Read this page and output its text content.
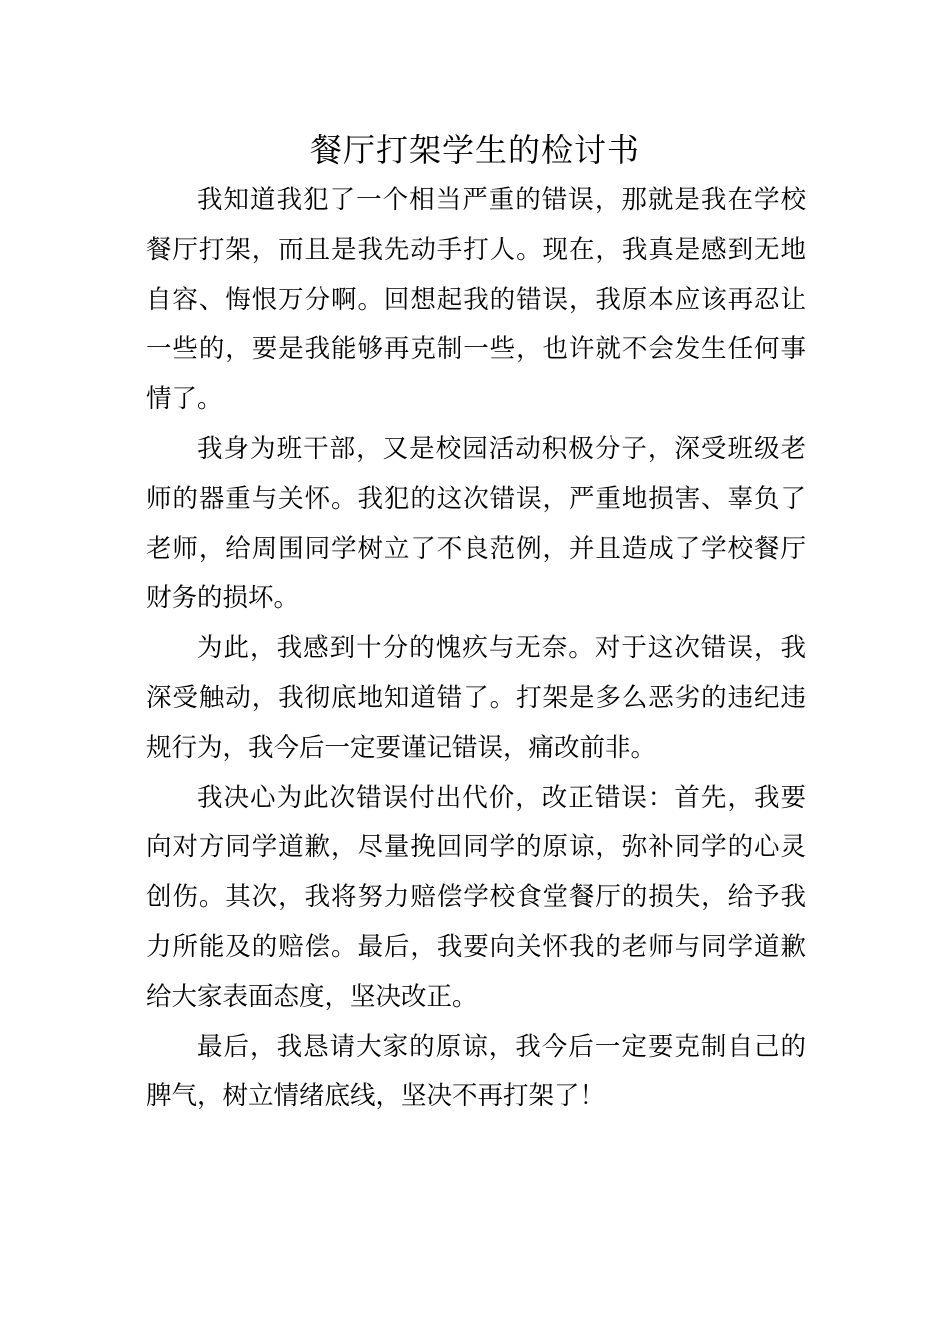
餐厅打架学生的检讨书

我知道我犯了一个相当严重的错误，那就是我在学校餐厅打架，而且是我先动手打人。现在，我真是感到无地自容、悔恨万分啊。回想起我的错误，我原本应该再忍让一些的，要是我能够再克制一些，也许就不会发生任何事情了。

我身为班干部，又是校园活动积极分子，深受班级老师的器重与关怀。我犯的这次错误，严重地损害、辜负了老师，给周围同学树立了不良范例，并且造成了学校餐厅财务的损坏。

为此，我感到十分的愧疚与无奈。对于这次错误，我深受触动，我彻底地知道错了。打架是多么恶劣的违纪违规行为，我今后一定要谨记错误，痛改前非。

我决心为此次错误付出代价，改正错误：首先，我要向对方同学道歉，尽量挽回同学的原谅，弥补同学的心灵创伤。其次，我将努力赔偿学校食堂餐厅的损失，给予我力所能及的赔偿。最后，我要向关怀我的老师与同学道歉给大家表面态度，坚决改正。

最后，我恳请大家的原谅，我今后一定要克制自己的脾气，树立情绪底线，坚决不再打架了！
